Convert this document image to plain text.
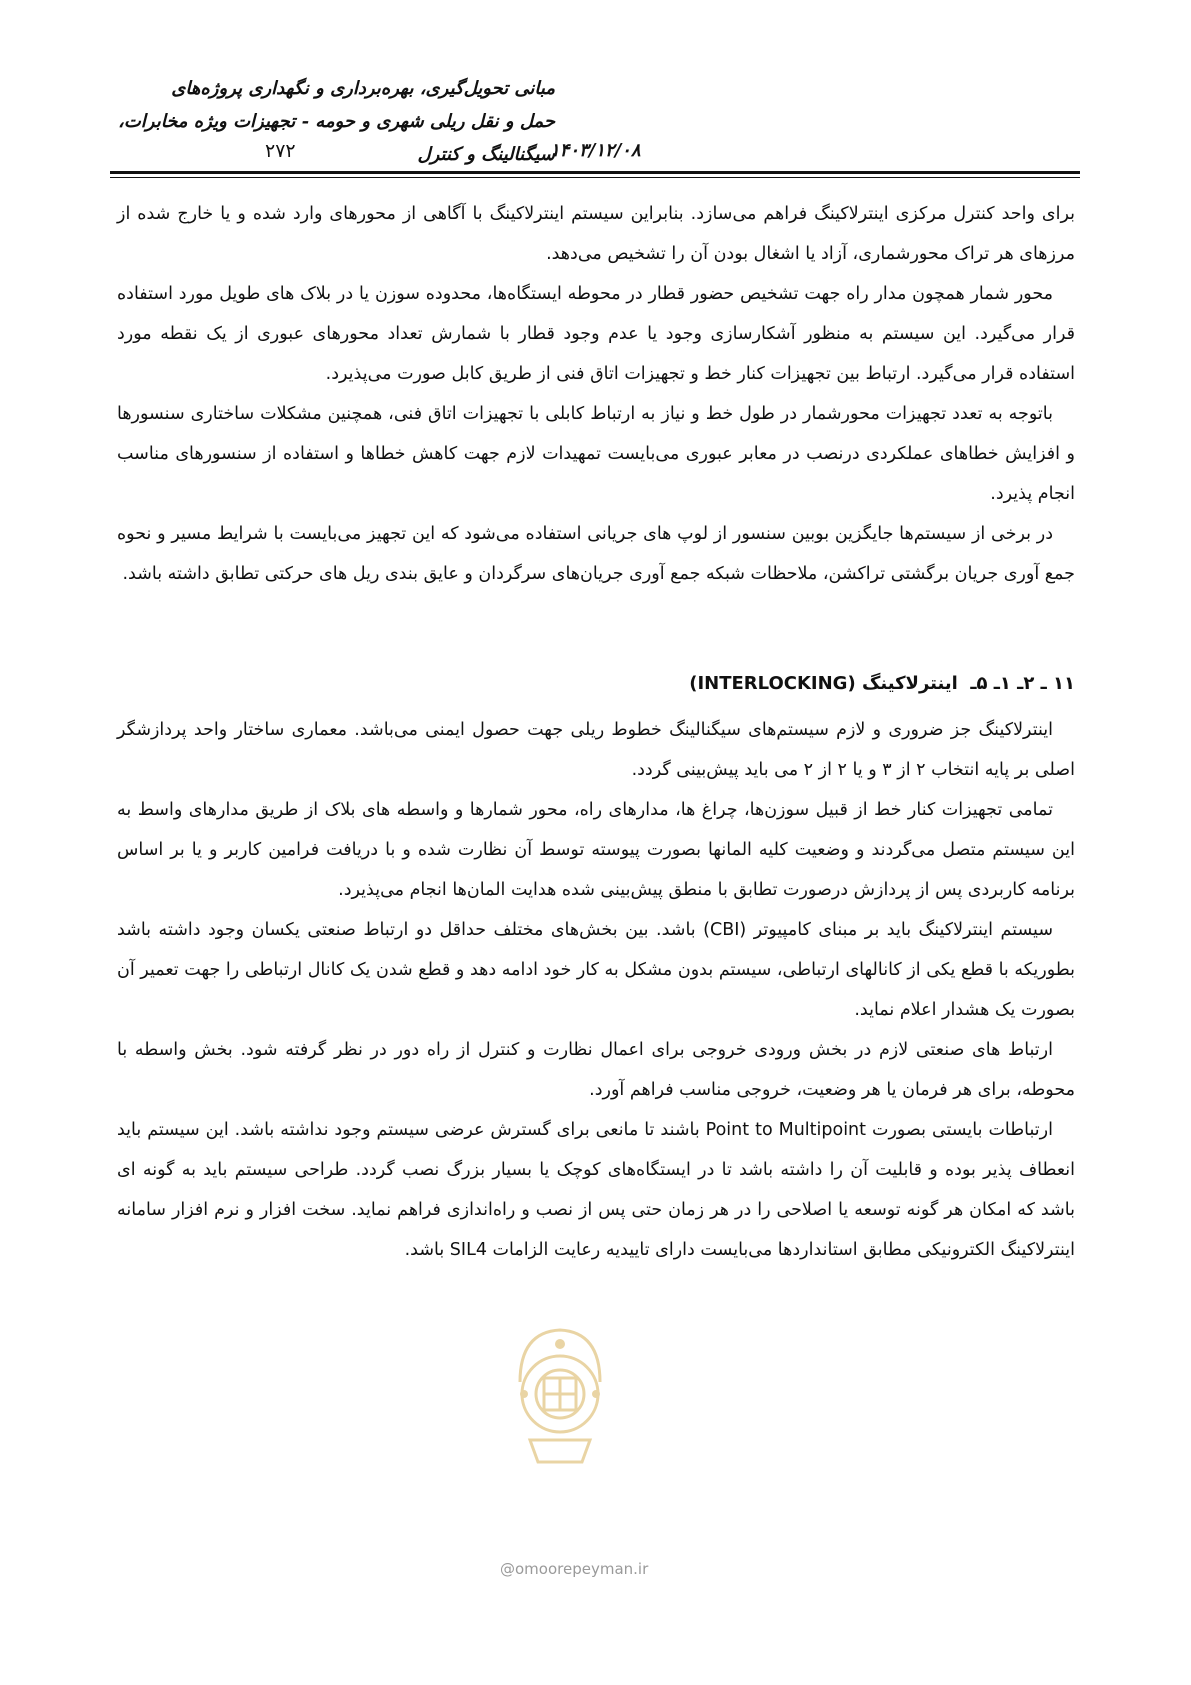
مبانی تحویل‌گیری، بهره‌برداری و نگهداری پروژه‌های
حمل و نقل ریلی شهری و حومه - تجهیزات ویژه مخابرات،
سیگنالینگ و کنترل
۱۴۰۳/۱۲/۰۸
۲۷۲

برای واحد کنترل مرکزی اینترلاکینگ فراهم می‌سازد. بنابراین سیستم اینترلاکینگ با آگاهی از محورهای وارد شده و یا خارج شده از مرزهای هر تراک محورشماری، آزاد یا اشغال بودن آن را تشخیص می‌دهد.

محور شمار همچون مدار راه جهت تشخیص حضور قطار در محوطه ایستگاه‌ها، محدوده سوزن یا در بلاک های طویل مورد استفاده قرار می‌گیرد. این سیستم به منظور آشکارسازی وجود یا عدم وجود قطار با شمارش تعداد محورهای عبوری از یک نقطه مورد استفاده قرار می‌گیرد. ارتباط بین تجهیزات کنار خط و تجهیزات اتاق فنی از طریق کابل صورت می‌پذیرد.

باتوجه به تعدد تجهیزات محورشمار در طول خط و نیاز به ارتباط کابلی با تجهیزات اتاق فنی، همچنین مشکلات ساختاری سنسورها و افزایش خطاهای عملکردی درنصب در معابر عبوری می‌بایست تمهیدات لازم جهت کاهش خطاها و استفاده از سنسورهای مناسب انجام پذیرد.

در برخی از سیستم‌ها جایگزین بوبین سنسور از لوپ های جریانی استفاده می‌شود که این تجهیز می‌بایست با شرایط مسیر و نحوه جمع آوری جریان برگشتی تراکشن، ملاحظات شبکه جمع آوری جریان‌های سرگردان و عایق بندی ریل های حرکتی تطابق داشته باشد.

۱۱ ـ ۲ـ ۱ـ ۵ـ  اینترلاکینگ (INTERLOCKING)

اینترلاکینگ جز ضروری و لازم سیستم‌های سیگنالینگ خطوط ریلی جهت حصول ایمنی می‌باشد. معماری ساختار واحد پردازشگر اصلی بر پایه انتخاب ۲ از ۳ و یا ۲ از ۲ می باید پیش‌بینی گردد.

تمامی تجهیزات کنار خط از قبیل سوزن‌ها، چراغ ها، مدارهای راه، محور شمارها و واسطه های بلاک از طریق مدارهای واسط به این سیستم متصل می‌گردند و وضعیت کلیه المانها بصورت پیوسته توسط آن نظارت شده و با دریافت فرامین کاربر و یا بر اساس برنامه کاربردی پس از پردازش درصورت تطابق با منطق پیش‌بینی شده هدایت المان‌ها انجام می‌پذیرد.

سیستم اینترلاکینگ باید بر مبنای کامپیوتر (CBI) باشد. بین بخش‌های مختلف حداقل دو ارتباط صنعتی یکسان وجود داشته باشد بطوریکه با قطع یکی از کانالهای ارتباطی، سیستم بدون مشکل به کار خود ادامه دهد و قطع شدن یک کانال ارتباطی را جهت تعمیر آن بصورت یک هشدار اعلام نماید.

ارتباط های صنعتی لازم در بخش ورودی خروجی برای اعمال نظارت و کنترل از راه دور در نظر گرفته شود. بخش واسطه با محوطه، برای هر فرمان یا هر وضعیت، خروجی مناسب فراهم آورد.

ارتباطات بایستی بصورت Point to Multipoint باشند تا مانعی برای گسترش عرضی سیستم وجود نداشته باشد. این سیستم باید انعطاف پذیر بوده و قابلیت آن را داشته باشد تا در ایستگاه‌های کوچک یا بسیار بزرگ نصب گردد. طراحی سیستم باید به گونه ای باشد که امکان هر گونه توسعه یا اصلاحی را در هر زمان حتی پس از نصب و راه‌اندازی فراهم نماید. سخت افزار و نرم افزار سامانه اینترلاکینگ الکترونیکی مطابق استانداردها می‌بایست دارای تاییدیه رعایت الزامات SIL4 باشد.

@omoorepeyman.ir
